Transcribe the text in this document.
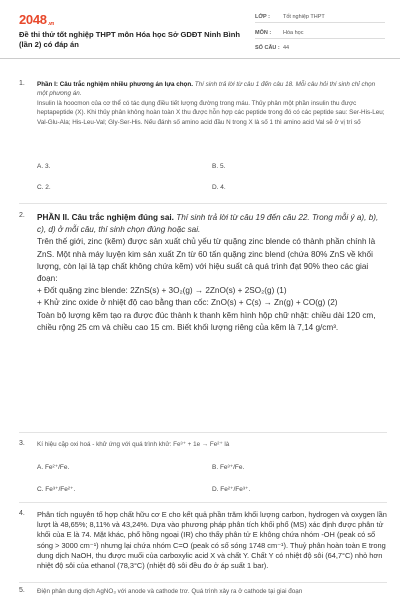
2048.vn
Đề thi thử tốt nghiệp THPT môn Hóa học Sở GDĐT Ninh Bình (lần 2) có đáp án
LỚP : Tốt nghiệp THPT
MÔN : Hóa học
SỐ CÂU : 44
1. Phần I: Câu trắc nghiệm nhiều phương án lựa chọn. Thí sinh trả lời từ câu 1 đến câu 18. Mỗi câu hỏi thí sinh chỉ chọn một phương án.
Insulin là hoocmon của cơ thể có tác dụng điều tiết lượng đường trong máu. Thủy phân một phần insulin thu được heptapeptide (X). Khi thủy phân không hoàn toàn X thu được hỗn hợp các peptide trong đó có các peptide sau: Ser-His-Leu; Val-Glu-Ala; His-Leu-Val; Gly-Ser-His. Nếu đánh số amino acid đầu N trong X là số 1 thì amino acid Val sẽ ở vị trí số
A. 3.	B. 5.
C. 2.	D. 4.
2. PHẦN II. Câu trắc nghiệm đúng sai. Thí sinh trả lời từ câu 19 đến câu 22. Trong mỗi ý a), b), c), d) ở mỗi câu, thí sinh chọn đúng hoặc sai.
Trên thế giới, zinc (kẽm) được sản xuất chủ yếu từ quặng zinc blende có thành phần chính là ZnS. Một nhà máy luyện kim sản xuất Zn từ 60 tấn quặng zinc blend (chứa 80% ZnS về khối lượng, còn lại là tạp chất không chứa kẽm) với hiệu suất cả quá trình đạt 90% theo các giai đoạn:
+ Đốt quặng zinc blende: 2ZnS(s) + 3O₂(g) → 2ZnO(s) + 2SO₂(g) (1)
+ Khử zinc oxide ở nhiệt độ cao bằng than cốc: ZnO(s) + C(s) → Zn(g) + CO(g) (2)
Toàn bộ lượng kẽm tạo ra được đúc thành k thanh kẽm hình hộp chữ nhật: chiều dài 120 cm, chiều rộng 25 cm và chiều cao 15 cm. Biết khối lượng riêng của kẽm là 7,14 g/cm³.
3. Kí hiệu cặp oxi hoá - khử ứng với quá trình khử: Fe³⁺ + 1e → Fe²⁺ là
A. Fe²⁺/Fe.	B. Fe³⁺/Fe.
C. Fe³⁺/Fe²⁺.	D. Fe²⁺/Fe³⁺.
4. Phân tích nguyên tố hợp chất hữu cơ E cho kết quả phần trăm khối lượng carbon, hydrogen và oxygen lần lượt là 48,65%; 8,11% và 43,24%. Dựa vào phương pháp phân tích khối phổ (MS) xác định được phân tử khối của E là 74. Mặt khác, phổ hồng ngoại (IR) cho thấy phân tử E không chứa nhóm -OH (peak có số sóng > 3000 cm⁻¹) nhưng lại chứa nhóm C=O (peak có số sóng 1748 cm⁻¹). Thuỷ phân hoàn toàn E trong dung dịch NaOH, thu được muối của carboxylic acid X và chất Y. Chất Y có nhiệt độ sôi (64,7°C) nhỏ hơn nhiệt độ sôi của ethanol (78,3°C) (nhiệt độ sôi đều đo ở áp suất 1 bar).
5. Điện phân dung dịch AgNO₃ với anode và cathode trơ. Quá trình xảy ra ở cathode tại giai đoạn
